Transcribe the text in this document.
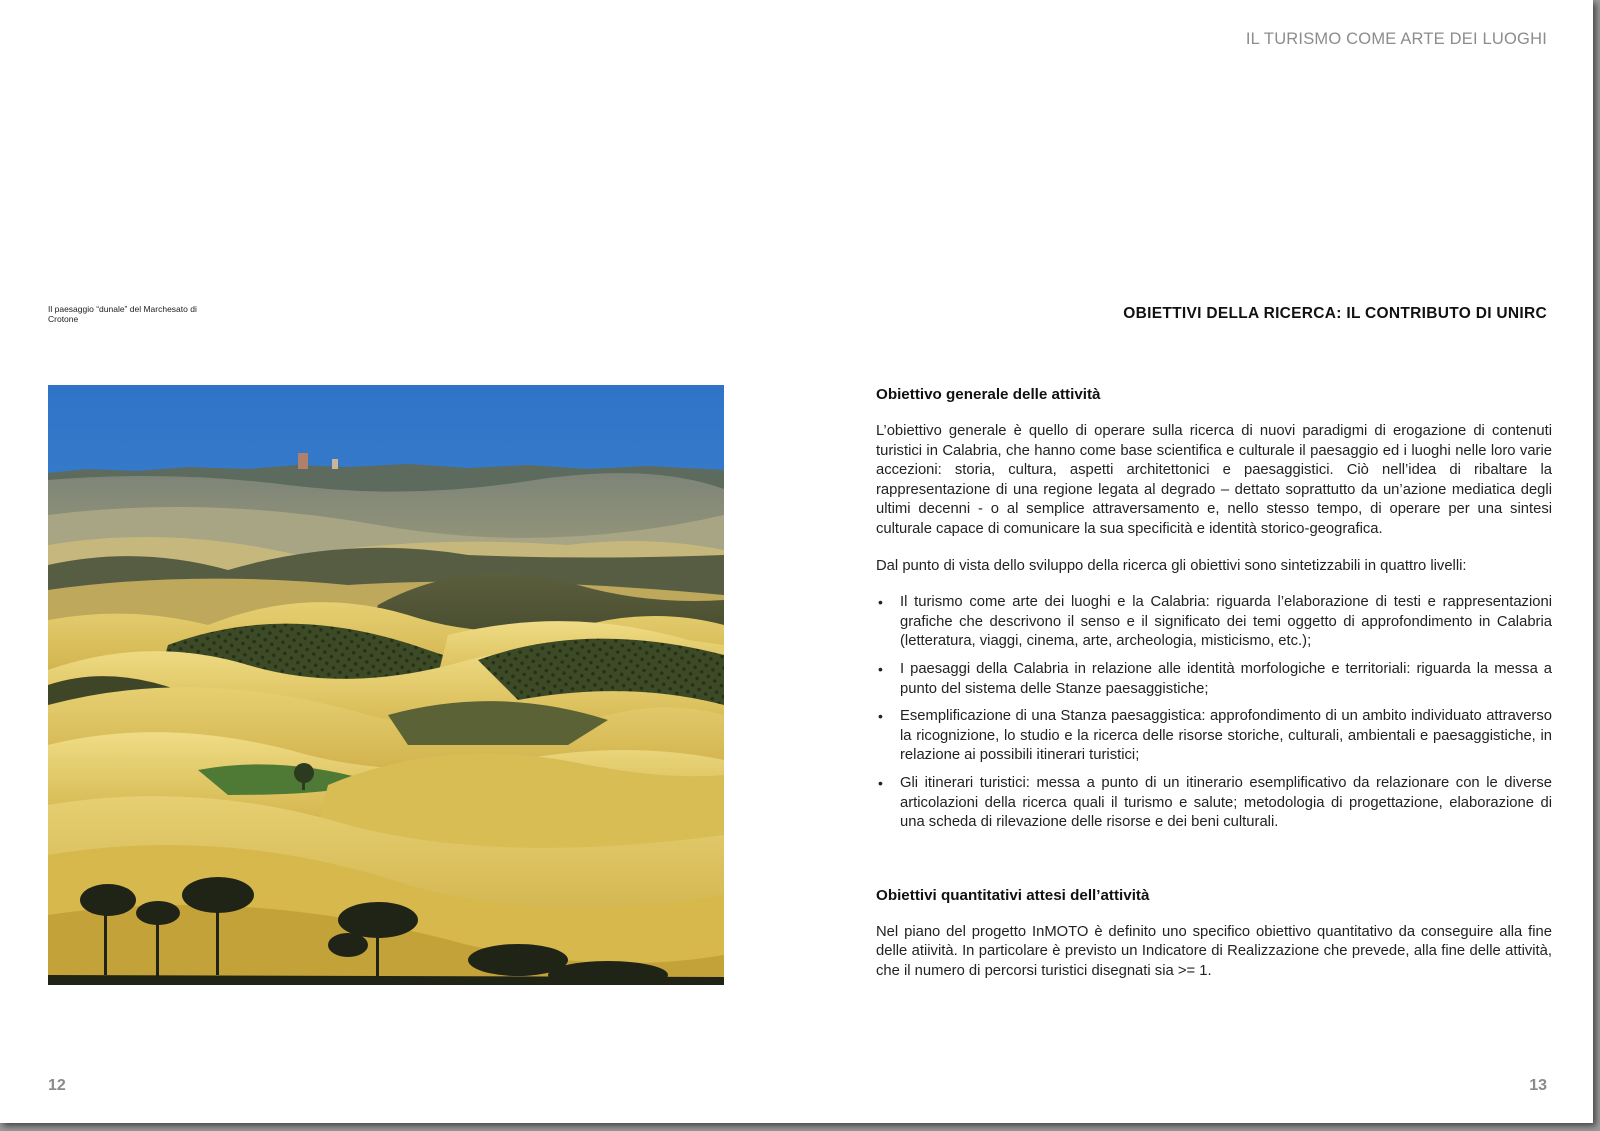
IL TURISMO COME ARTE DEI LUOGHI
Il paesaggio “dunale” del Marchesato di Crotone
12
OBIETTIVI DELLA RICERCA: IL CONTRIBUTO DI UNIRC
Obiettivo generale delle attività

L’obiettivo generale è quello di operare sulla ricerca di nuovi paradigmi di erogazione di contenuti turistici in Calabria, che hanno come base scientifica e culturale il paesaggio ed i luoghi nelle loro varie accezioni: storia, cultura, aspetti architettonici e paesaggistici. Ciò nell’idea di ribaltare la rappresentazione di una regione legata al degrado – dettato soprattutto da un’azione mediatica degli ultimi decenni - o al semplice attraversamento e, nello stesso tempo, di operare per una sintesi culturale capace di comunicare la sua specificità e identità storico-geografica.

Dal punto di vista dello sviluppo della ricerca gli obiettivi sono sintetizzabili in quattro livelli:

• Il turismo come arte dei luoghi e la Calabria: riguarda l’elaborazione di testi e rappresentazioni grafiche che descrivono il senso e il significato dei temi oggetto di approfondimento in Calabria (letteratura, viaggi, cinema, arte, archeologia, misticismo, etc.);
• I paesaggi della Calabria in relazione alle identità morfologiche e territoriali: riguarda la messa a punto del sistema delle Stanze paesaggistiche;
• Esemplificazione di una Stanza paesaggistica: approfondimento di un ambito individuato attraverso la ricognizione, lo studio e la ricerca delle risorse storiche, culturali, ambientali e paesaggistiche, in relazione ai possibili itinerari turistici;
• Gli itinerari turistici: messa a punto di un itinerario esemplificativo da relazionare con le diverse articolazioni della ricerca quali il turismo e salute; metodologia di progettazione, elaborazione di una scheda di rilevazione delle risorse e dei beni culturali.
Obiettivi quantitativi attesi dell’attività

Nel piano del progetto InMOTO è definito uno specifico obiettivo quantitativo da conseguire alla fine delle atiività. In particolare è previsto un Indicatore di Realizzazione che prevede, alla fine delle attività, che il numero di percorsi turistici disegnati sia >= 1.

13
